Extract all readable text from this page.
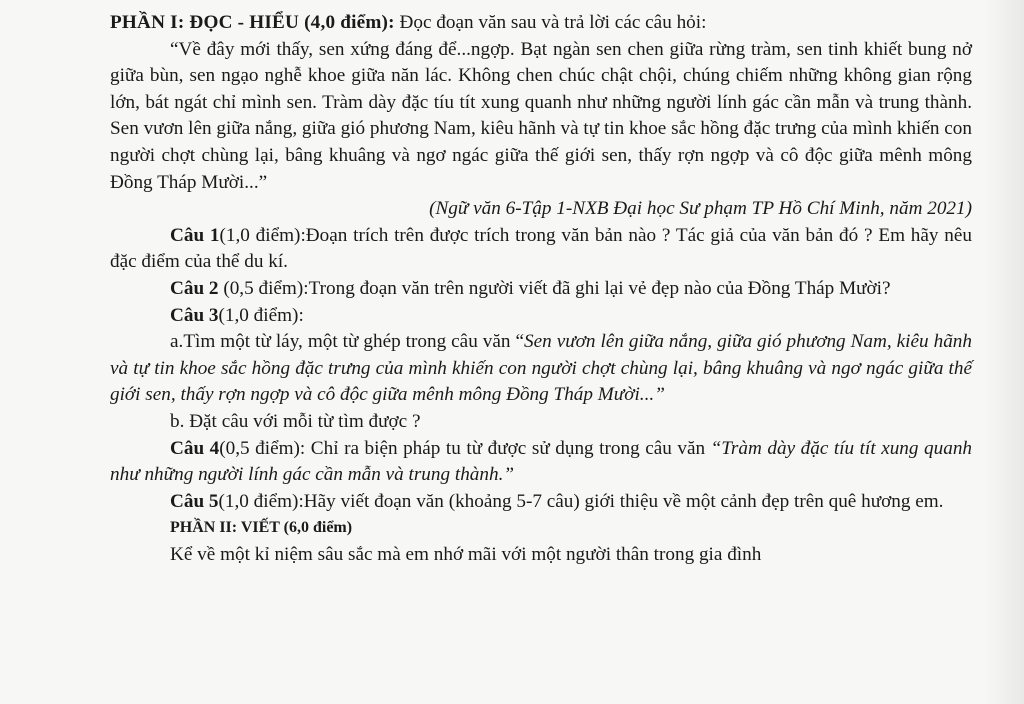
PHẦN I: ĐỌC - HIỂU (4,0 điểm): Đọc đoạn văn sau và trả lời các câu hỏi:

“Về đây mới thấy, sen xứng đáng để...ngợp. Bạt ngàn sen chen giữa rừng tràm, sen tinh khiết bung nở giữa bùn, sen ngạo nghễ khoe giữa năn lác. Không chen chúc chật chội, chúng chiếm những không gian rộng lớn, bát ngát chỉ mình sen. Tràm dày đặc tíu tít xung quanh như những người lính gác cần mẫn và trung thành. Sen vươn lên giữa nắng, giữa gió phương Nam, kiêu hãnh và tự tin khoe sắc hồng đặc trưng của mình khiến con người chợt chùng lại, bâng khuâng và ngơ ngác giữa thế giới sen, thấy rợn ngợp và cô độc giữa mênh mông Đồng Tháp Mười...”

(Ngữ văn 6-Tập 1-NXB Đại học Sư phạm TP Hồ Chí Minh, năm 2021)

Câu 1(1,0 điểm):Đoạn trích trên được trích trong văn bản nào ? Tác giả của văn bản đó ? Em hãy nêu đặc điểm của thể du kí.

Câu 2 (0,5 điểm):Trong đoạn văn trên người viết đã ghi lại vẻ đẹp nào của Đồng Tháp Mười?

Câu 3(1,0 điểm):

a.Tìm một từ láy, một từ ghép trong câu văn “Sen vươn lên giữa nắng, giữa gió phương Nam, kiêu hãnh và tự tin khoe sắc hồng đặc trưng của mình khiến con người chợt chùng lại, bâng khuâng và ngơ ngác giữa thế giới sen, thấy rợn ngợp và cô độc giữa mênh mông Đồng Tháp Mười...”

b. Đặt câu với mỗi từ tìm được ?

Câu 4(0,5 điểm): Chỉ ra biện pháp tu từ được sử dụng trong câu văn “Tràm dày đặc tíu tít xung quanh như những người lính gác cần mẫn và trung thành.”

Câu 5(1,0 điểm):Hãy viết đoạn văn (khoảng 5-7 câu) giới thiệu về một cảnh đẹp trên quê hương em.

PHẦN II: VIẾT (6,0 điểm)

Kể về một kỉ niệm sâu sắc mà em nhớ mãi với một người thân trong gia đình
